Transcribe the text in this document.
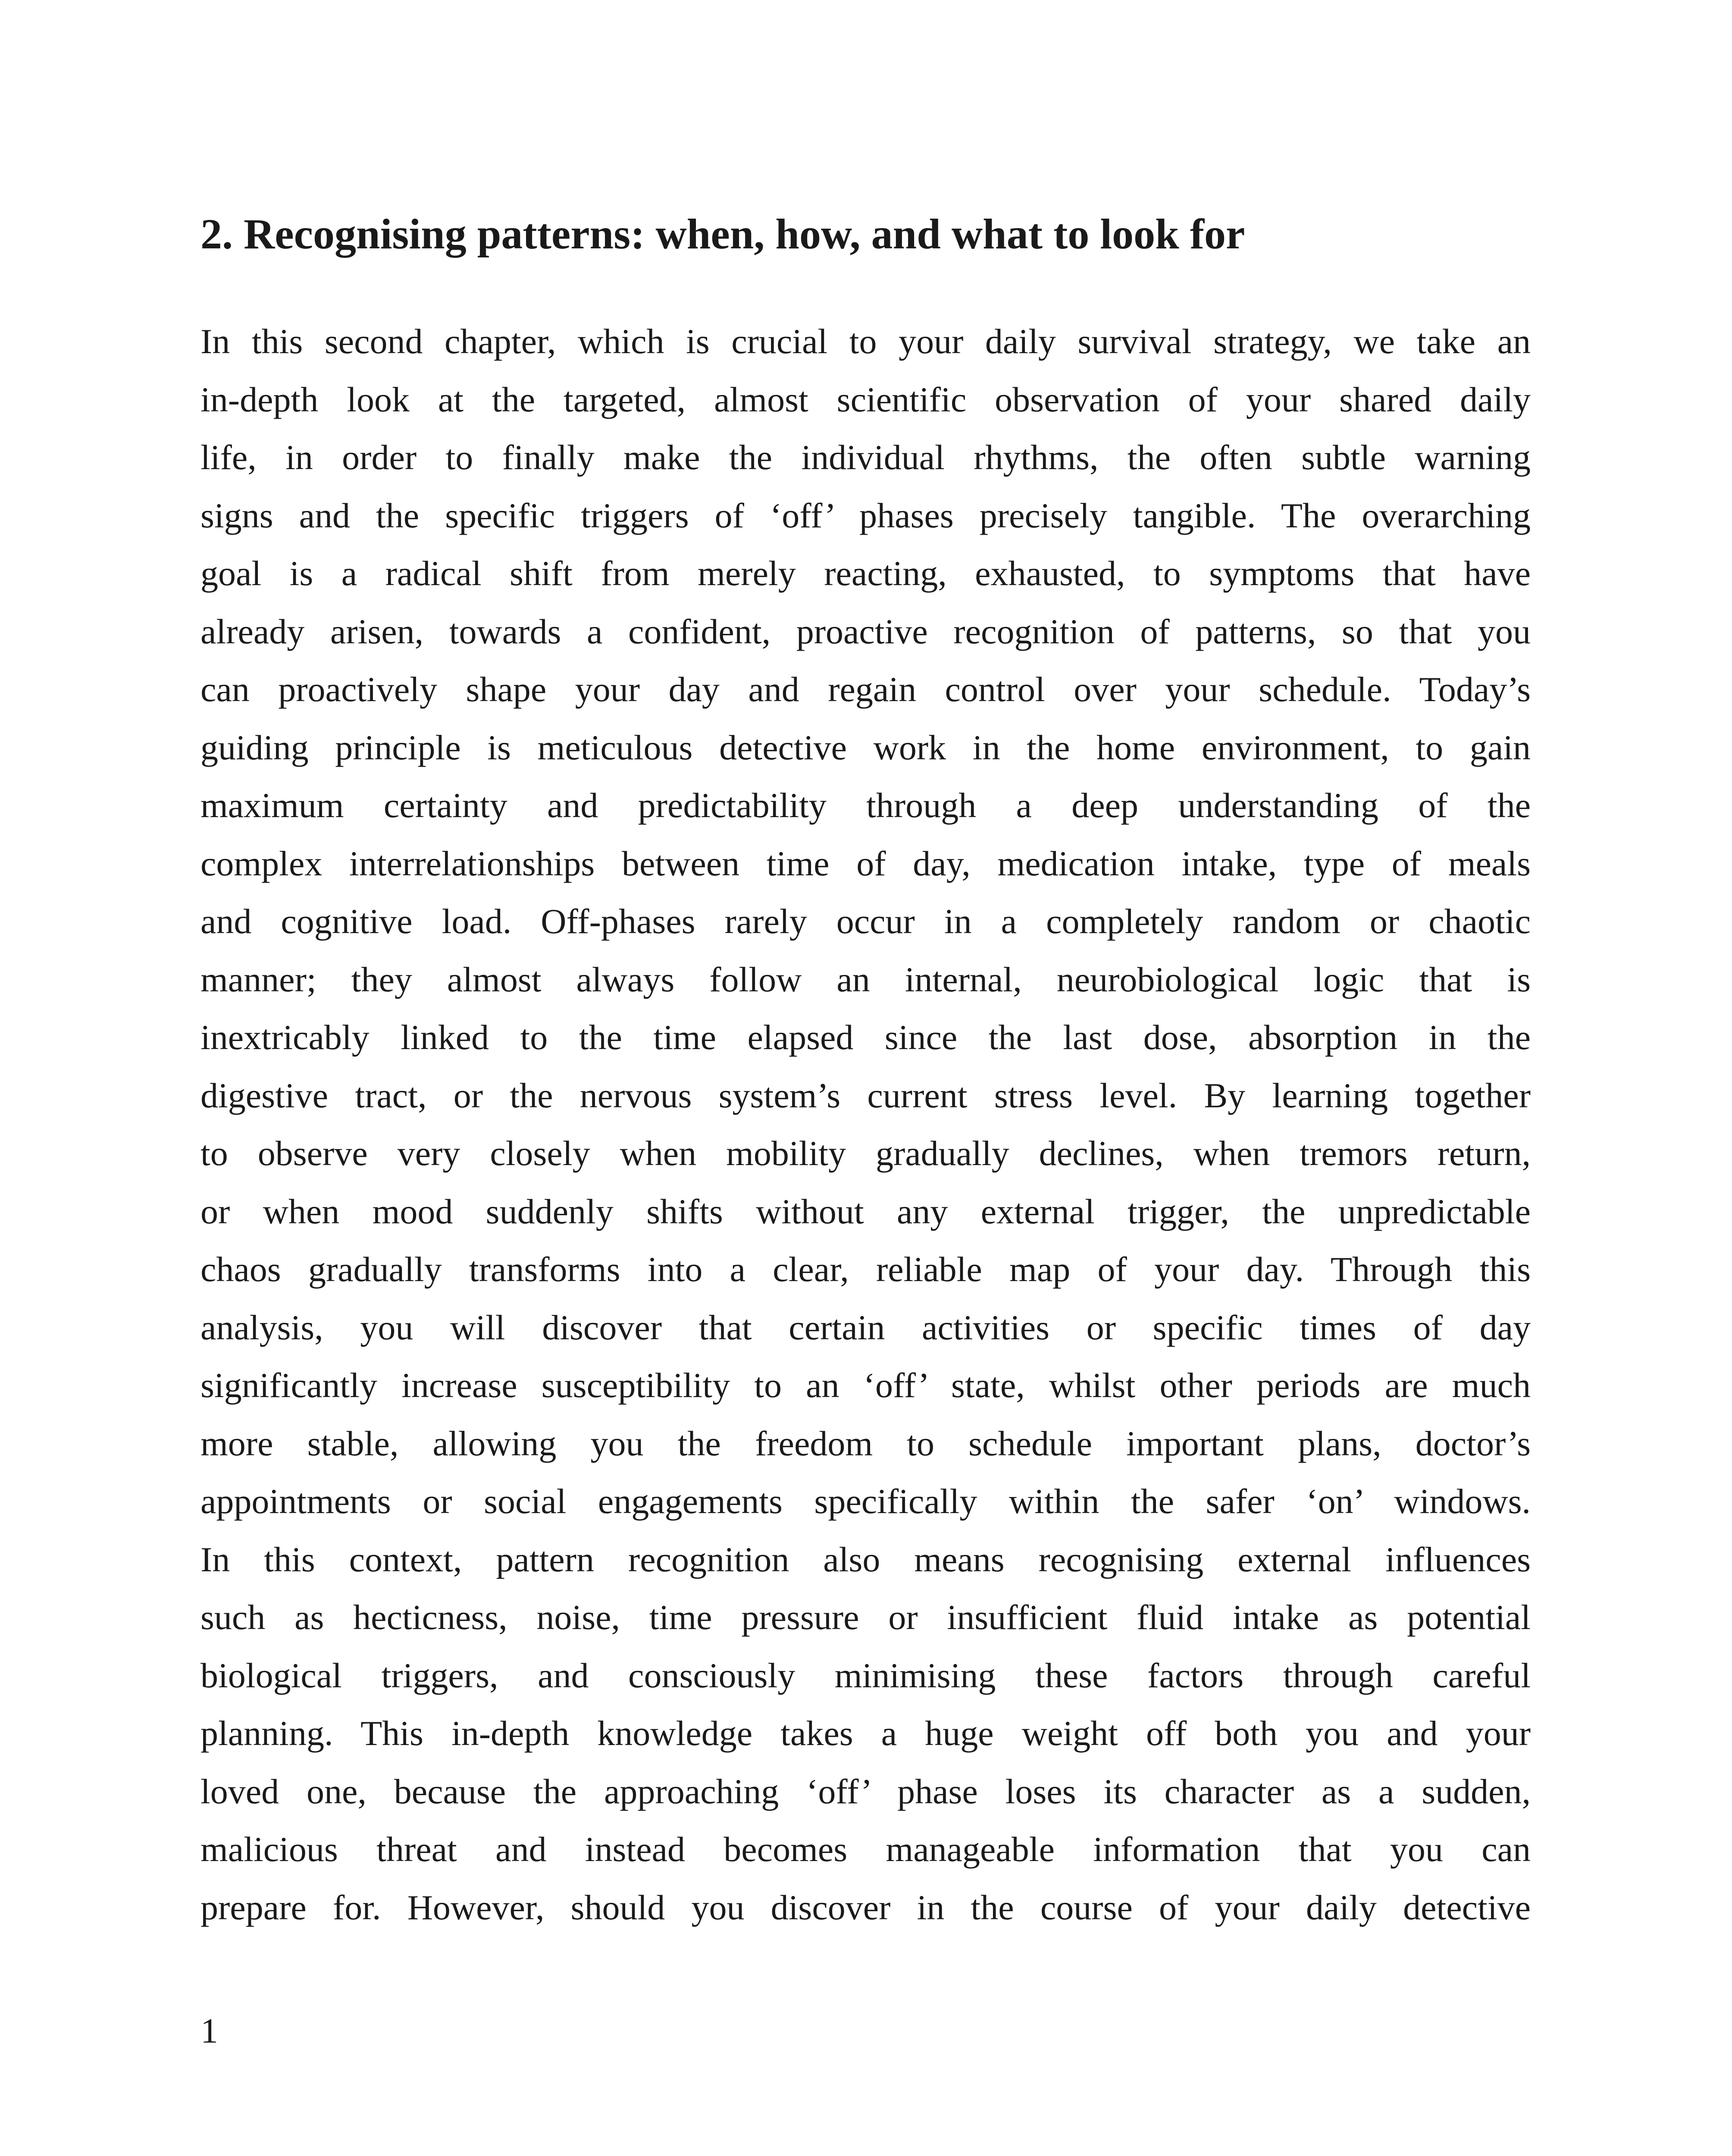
2. Recognising patterns: when, how, and what to look for
In this second chapter, which is crucial to your daily survival strategy, we take an
in-depth look at the targeted, almost scientific observation of your shared daily
life, in order to finally make the individual rhythms, the often subtle warning
signs and the specific triggers of ‘off’ phases precisely tangible. The overarching
goal is a radical shift from merely reacting, exhausted, to symptoms that have
already arisen, towards a confident, proactive recognition of patterns, so that you
can proactively shape your day and regain control over your schedule. Today’s
guiding principle is meticulous detective work in the home environment, to gain
maximum certainty and predictability through a deep understanding of the
complex interrelationships between time of day, medication intake, type of meals
and cognitive load. Off-phases rarely occur in a completely random or chaotic
manner; they almost always follow an internal, neurobiological logic that is
inextricably linked to the time elapsed since the last dose, absorption in the
digestive tract, or the nervous system’s current stress level. By learning together
to observe very closely when mobility gradually declines, when tremors return,
or when mood suddenly shifts without any external trigger, the unpredictable
chaos gradually transforms into a clear, reliable map of your day. Through this
analysis, you will discover that certain activities or specific times of day
significantly increase susceptibility to an ‘off’ state, whilst other periods are much
more stable, allowing you the freedom to schedule important plans, doctor’s
appointments or social engagements specifically within the safer ‘on’ windows.
In this context, pattern recognition also means recognising external influences
such as hecticness, noise, time pressure or insufficient fluid intake as potential
biological triggers, and consciously minimising these factors through careful
planning. This in-depth knowledge takes a huge weight off both you and your
loved one, because the approaching ‘off’ phase loses its character as a sudden,
malicious threat and instead becomes manageable information that you can
prepare for. However, should you discover in the course of your daily detective
1
